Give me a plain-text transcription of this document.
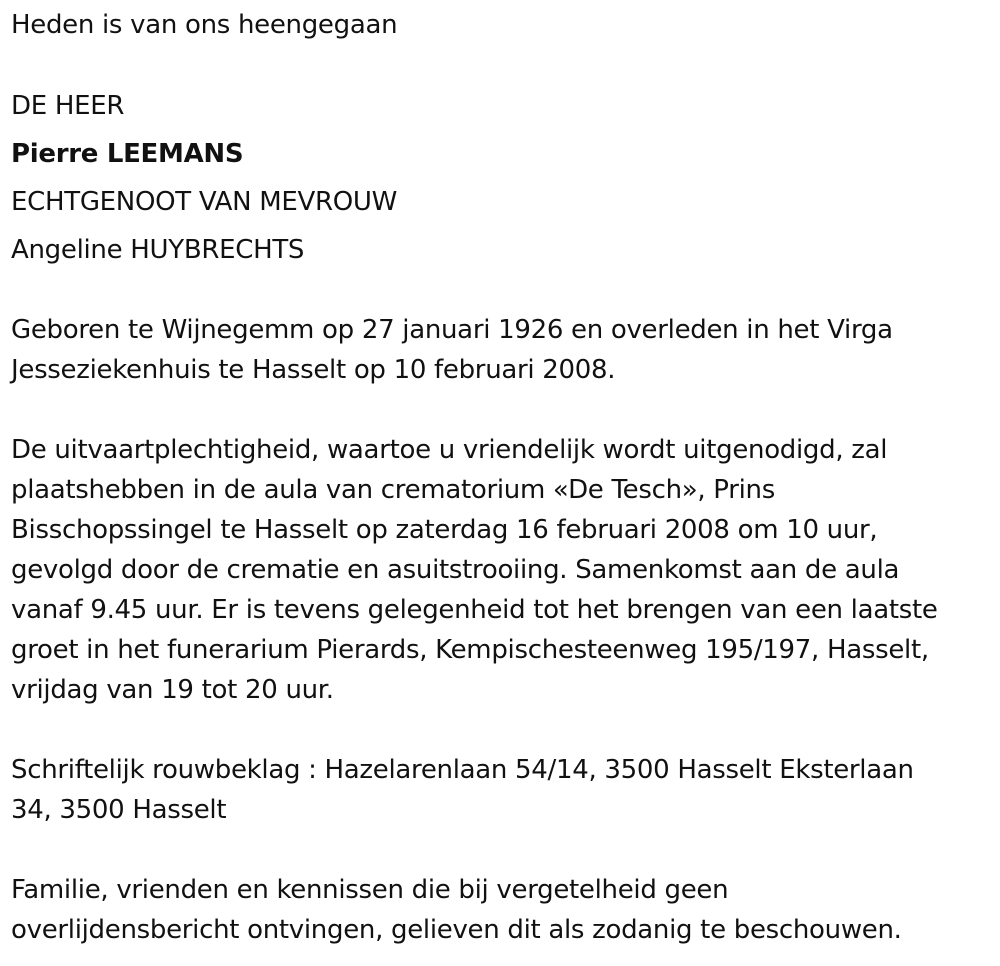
Heden is van ons heengegaan
DE HEER
Pierre LEEMANS
ECHTGENOOT VAN MEVROUW
Angeline HUYBRECHTS
Geboren te Wijnegemm op 27 januari 1926 en overleden in het Virga
Jesseziekenhuis te Hasselt op 10 februari 2008.
De uitvaartplechtigheid, waartoe u vriendelijk wordt uitgenodigd, zal
plaatshebben in de aula van crematorium «De Tesch», Prins
Bisschopssingel te Hasselt op zaterdag 16 februari 2008 om 10 uur,
gevolgd door de crematie en asuitstrooiing. Samenkomst aan de aula
vanaf 9.45 uur. Er is tevens gelegenheid tot het brengen van een laatste
groet in het funerarium Pierards, Kempischesteenweg 195/197, Hasselt,
vrijdag van 19 tot 20 uur.
Schriftelijk rouwbeklag : Hazelarenlaan 54/14, 3500 Hasselt Eksterlaan
34, 3500 Hasselt
Familie, vrienden en kennissen die bij vergetelheid geen
overlijdensbericht ontvingen, gelieven dit als zodanig te beschouwen.
